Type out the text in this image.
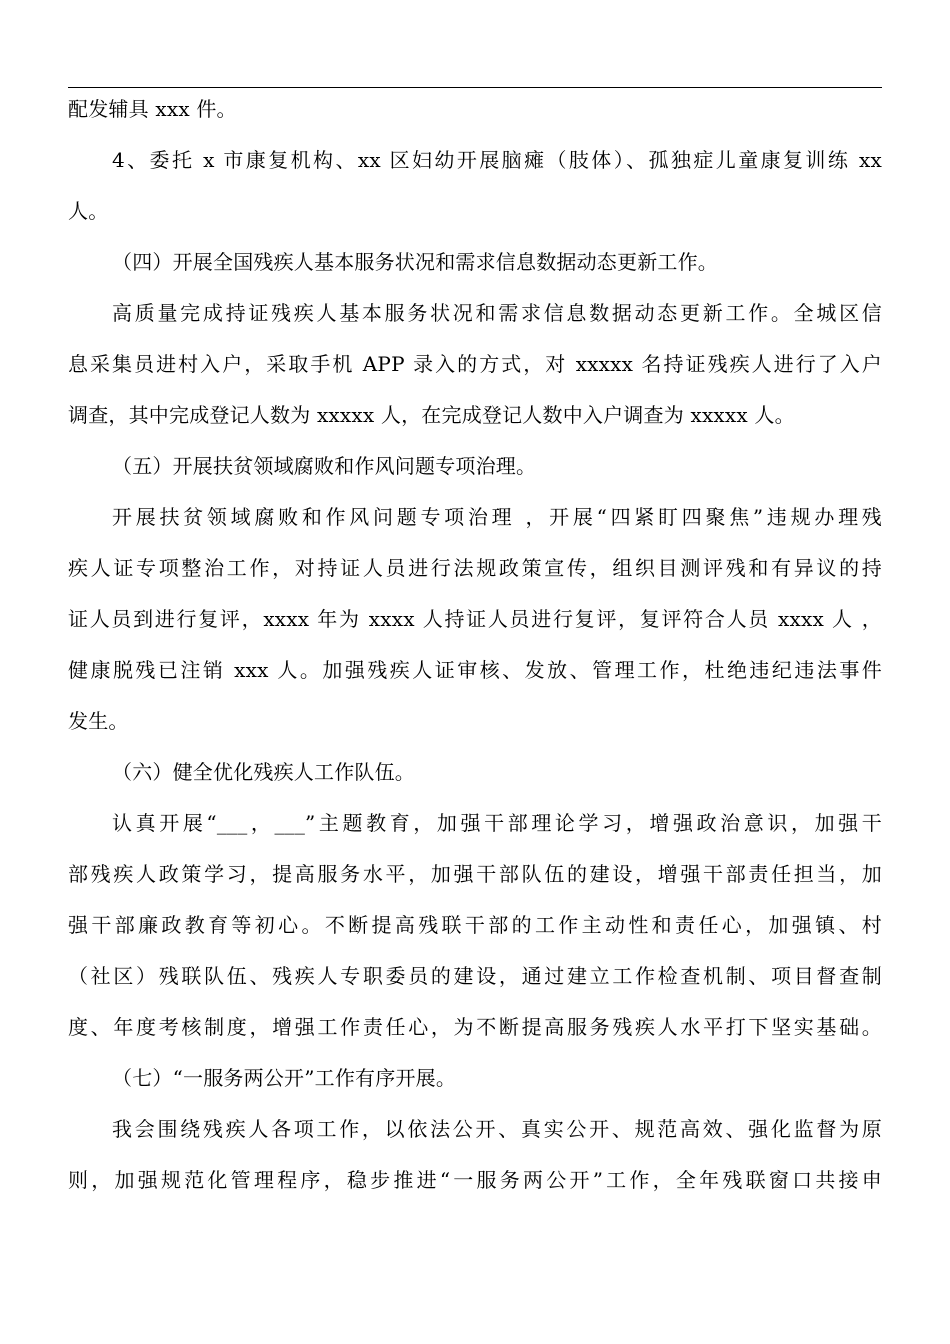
配发辅具 xxx 件。
4、委托 x 市康复机构、xx 区妇幼开展脑瘫（肢体）、孤独症儿童康复训练 xx
人。
（四）开展全国残疾人基本服务状况和需求信息数据动态更新工作。
高质量完成持证残疾人基本服务状况和需求信息数据动态更新工作。全城区信
息采集员进村入户，采取手机 APP 录入的方式，对 xxxxx 名持证残疾人进行了入户
调查，其中完成登记人数为 xxxxx 人，在完成登记人数中入户调查为 xxxxx 人。
（五）开展扶贫领域腐败和作风问题专项治理。
开展扶贫领域腐败和作风问题专项治理 ，开展“四紧盯四聚焦”违规办理残
疾人证专项整治工作，对持证人员进行法规政策宣传，组织目测评残和有异议的持
证人员到进行复评，xxxx 年为 xxxx 人持证人员进行复评，复评符合人员 xxxx 人 ，
健康脱残已注销 xxx 人。加强残疾人证审核、发放、管理工作，杜绝违纪违法事件
发生。
（六）健全优化残疾人工作队伍。
认真开展“___，___”主题教育，加强干部理论学习，增强政治意识，加强干
部残疾人政策学习，提高服务水平，加强干部队伍的建设，增强干部责任担当，加
强干部廉政教育等初心。不断提高残联干部的工作主动性和责任心，加强镇、村
（社区）残联队伍、残疾人专职委员的建设，通过建立工作检查机制、项目督查制
度、年度考核制度，增强工作责任心，为不断提高服务残疾人水平打下坚实基础。
（七）“一服务两公开”工作有序开展。
我会围绕残疾人各项工作，以依法公开、真实公开、规范高效、强化监督为原
则，加强规范化管理程序，稳步推进“一服务两公开”工作，全年残联窗口共接申
